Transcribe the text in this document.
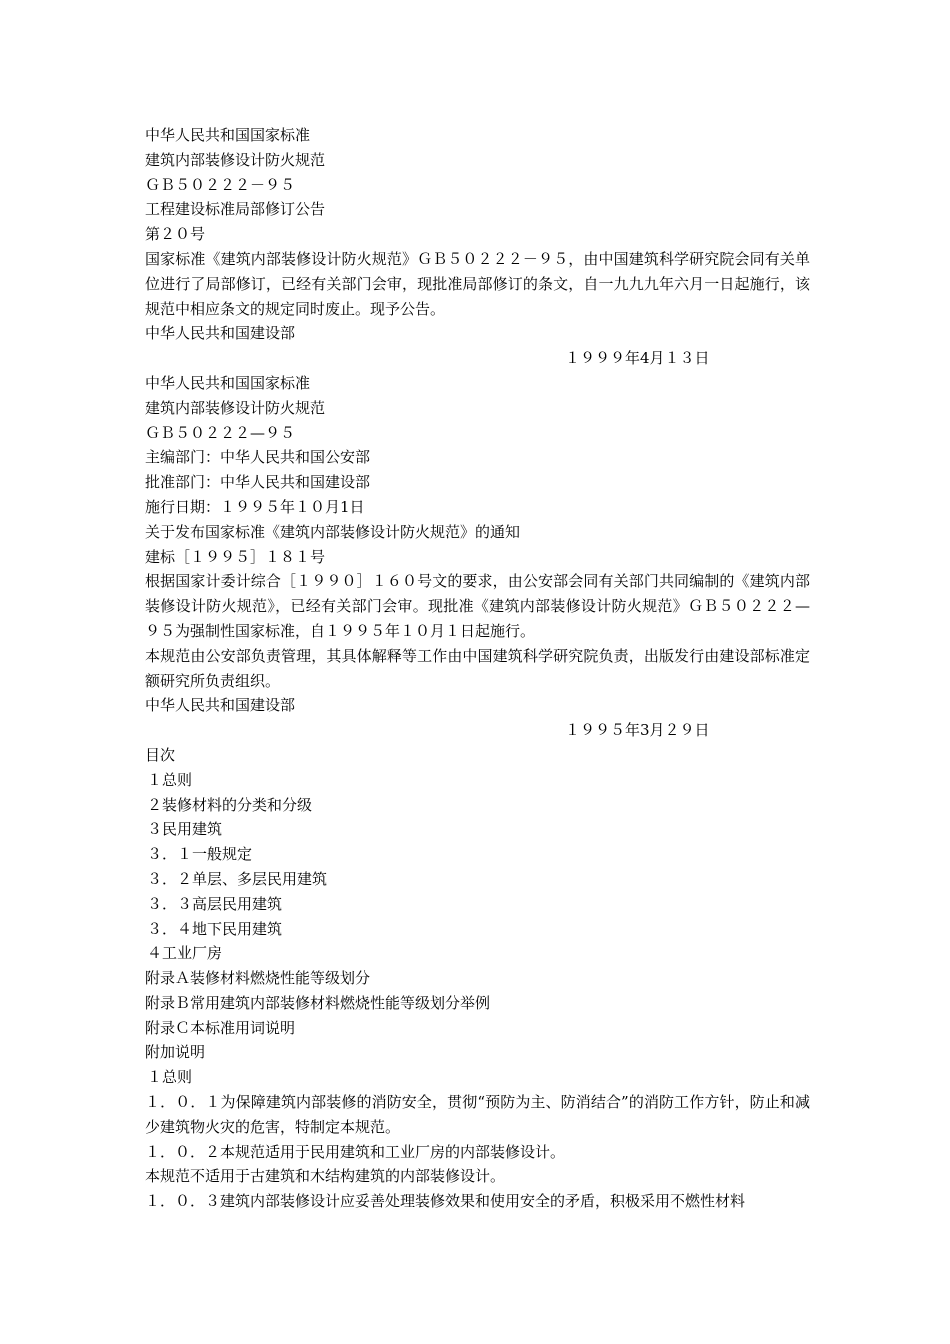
中华人民共和国国家标准
建筑内部装修设计防火规范
ＧＢ５０２２２－９５
工程建设标准局部修订公告
第２０号
国家标准《建筑内部装修设计防火规范》ＧＢ５０２２２－９５，由中国建筑科学研究院会同有关单位进行了局部修订，已经有关部门会审，现批准局部修订的条文，自一九九九年六月一日起施行，该规范中相应条文的规定同时废止。现予公告。
中华人民共和国建设部
１９９９年4月１３日
中华人民共和国国家标准
建筑内部装修设计防火规范
ＧＢ５０２２２—９５
主编部门：中华人民共和国公安部
批准部门：中华人民共和国建设部
施行日期：１９９５年１０月1日
关于发布国家标准《建筑内部装修设计防火规范》的通知
建标［１９９５］１８１号
根据国家计委计综合［１９９０］１６０号文的要求，由公安部会同有关部门共同编制的《建筑内部装修设计防火规范》，已经有关部门会审。现批准《建筑内部装修设计防火规范》ＧＢ５０２２２—９５为强制性国家标准，自１９９５年１０月１日起施行。
本规范由公安部负责管理，其具体解释等工作由中国建筑科学研究院负责，出版发行由建设部标准定额研究所负责组织。
中华人民共和国建设部
１９９５年3月２９日
目次
１总则
２装修材料的分类和分级
３民用建筑
３．１一般规定
３．２单层、多层民用建筑
３．３高层民用建筑
３．４地下民用建筑
４工业厂房
附录Ａ装修材料燃烧性能等级划分
附录Ｂ常用建筑内部装修材料燃烧性能等级划分举例
附录Ｃ本标准用词说明
附加说明
１总则
１．０．１为保障建筑内部装修的消防安全，贯彻“预防为主、防消结合”的消防工作方针，防止和减少建筑物火灾的危害，特制定本规范。
１．０．２本规范适用于民用建筑和工业厂房的内部装修设计。
本规范不适用于古建筑和木结构建筑的内部装修设计。
１．０．３建筑内部装修设计应妥善处理装修效果和使用安全的矛盾，积极采用不燃性材料
